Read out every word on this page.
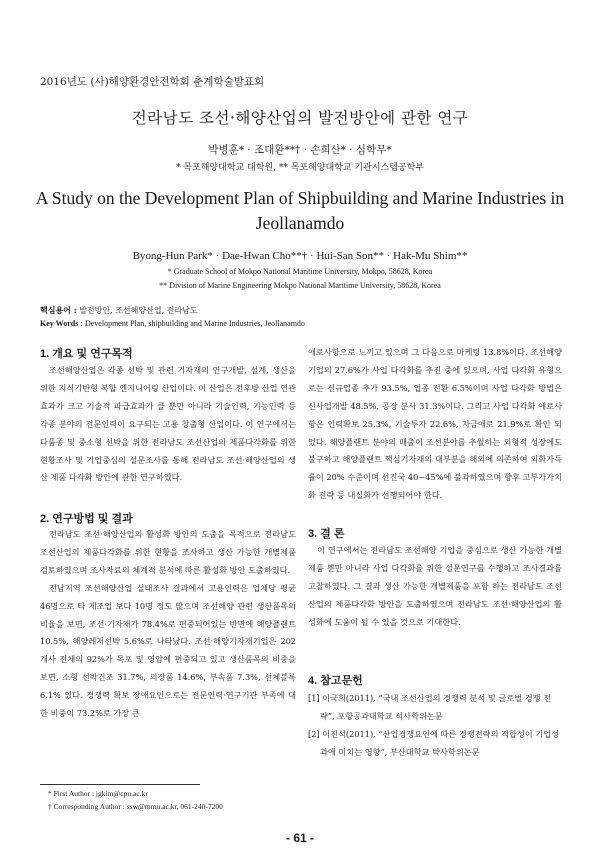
2016년도 (사)해양환경안전학회 춘계학술발표회
전라남도 조선·해양산업의 발전방안에 관한 연구
박병훈* · 조대환**† · 손희산* · 심학무*
* 목포해양대학교 대학원, ** 목포해양대학교 기관시스템공학부
A Study on the Development Plan of Shipbuilding and Marine Industries in Jeollanamdo
Byong-Hun Park* · Dae-Hwan Cho**† · Hui-San Son** · Hak-Mu Shim**
* Graduate School of Mokpo National Maritime University, Mokpo, 58628, Korea
** Division of Marine Engineering Mokpo National Maritime University, 58628, Korea
핵심용어 : 발전방안, 조선해양산업, 전라남도
Key Words : Development Plan, shipbuilding and Marine Industries, Jeollanamdo
1. 개요 및 연구목적

조선해양산업은 각종 선박 및 관련 기자재의 연구개발, 설계, 생산을 위한 지식기반형 복합 엔지니어링 산업이다. 이 산업은 전후방 산업 연관효과가 크고 기술적 파급효과가 클 뿐만 아니라 기술인력, 기능인력 등 각종 분야의 전문인력이 요구되는 고용 창출형 산업이다. 이 연구에서는 다품종 및 중소형 선박을 위한 전라남도 조선산업의 제품다각화를 위한 현황조사 및 기업중심의 설문조사를 통해 전라남도 조선·해양산업의 생산 제품 다각화 방안에 관한 연구하였다.

2. 연구방법 및 결과

전라남도 조선·해양산업의 활성화 방안의 도출을 목적으로 전라남도 조선산업의 제품다각화를 위한 현황을 조사하고 생산 가능한 개별제품 검토하였으며 조사자료의 체계적 분석에 따른 활성화 방안 도출하였다.

전남지역 조선해양산업 실태조사 결과에서 고용인력은 업체당 평균 46명으로 타 제조업 보다 10명 정도 많으며 조선해양 관련 생산품목의 비율을 보면, 조선·기자재가 78.4%로 편중되어있는 반면에 해양플랜트 10.5%, 해양레저선박 5.6%로 나타났다. 조선·해양기자재기업은 202개사 전체의 92%가 목포 및 영암에 편중되고 있고 생산품목의 비중을 보면, 소형 선박건조 31.7%, 의장품 14.6%, 부속품 7.3%, 선체블록 6.1% 였다. 경쟁력 확보 장애요인으로는 전문인력·연구기관 부족에 대한 비중이 73.2%로 가장 큰

애로사항으로 느끼고 있으며 그 다음으로 마케팅 13.8%이다. 조선해양기업의 27.6%가 사업 다각화를 추진 중에 있으며, 사업 다각화 유형으로는 신규업종 추가 93.5%, 업종 전환 6.5%이며 사업 다각화 방법은 신사업개발 48.5%, 공장 분사 31.3%이다. 그리고 사업 다각화 애로사항은 인력확보 25.3%, 기술투자 22.6%, 자금애로 21.9%로 확인 되었다. 해양플랜트 분야의 매출이 조선분야를 추월하는 외형적 성장에도 불구하고 해양플랜트 핵심기자재의 대부분을 해외에 의존하여 외화가득률이 20% 수준이며 선진국 40~45%에 불과하였으며 향후 고부가가치화 전략 등 내실화가 선행되어야 한다.

3. 결 론

이 연구에서는 전라남도 조선해양 기업을 중심으로 생산 가능한 개별제품 뿐만 아니라 사업 다각화를 위한 설문연구를 수행하고 조사결과를 고찰하였다. 그 결과 생산 가능한 개별제품을 포함 하는 전라남도 조선산업의 제품다각화 방안을 도출하였으며 전라남도 조선·해양산업의 활성화에 도움이 될 수 있을 것으로 기대한다.

4. 참고문헌
[1] 이국희(2011), “국내 조선산업의 경쟁력 분석 및 글로벌 경쟁 전략”, 포항공과대학교 석사학위논문
[2] 이진석(2011), “산업경쟁요인에 따른 경쟁전략의 적합성이 기업성과에 미치는 영향”, 부산대학교 박사학위논문
* First Author : jgkim@cpu.ac.kr
† Corresponding Author : ssw@mmu.ac.kr, 061-240-7200
- 61 -
